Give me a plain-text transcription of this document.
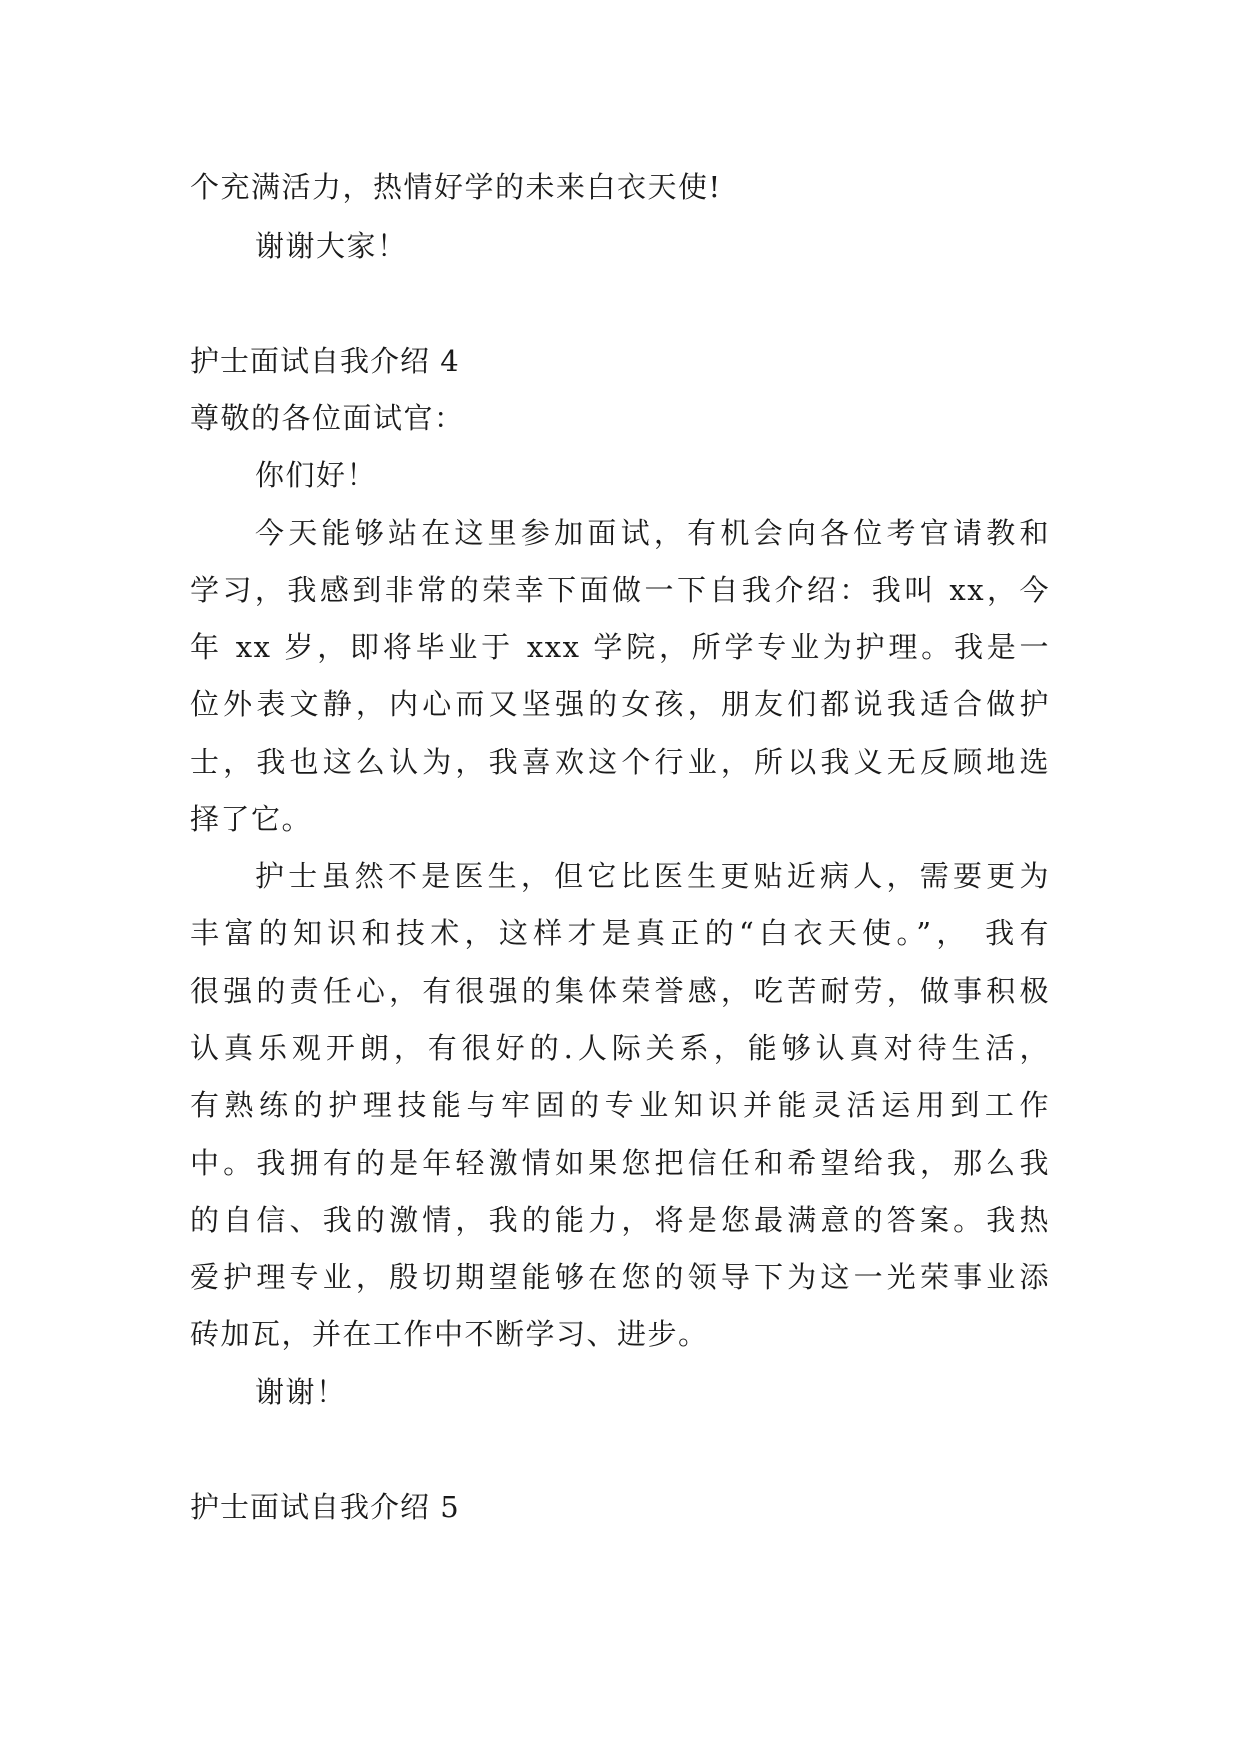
个充满活力，热情好学的未来白衣天使!
谢谢大家！
护士面试自我介绍 4
尊敬的各位面试官：
你们好！
今天能够站在这里参加面试，有机会向各位考官请教和
学习，我感到非常的荣幸下面做一下自我介绍：我叫 xx，今
年 xx 岁，即将毕业于 xxx 学院，所学专业为护理。我是一
位外表文静，内心而又坚强的女孩，朋友们都说我适合做护
士，我也这么认为，我喜欢这个行业，所以我义无反顾地选
择了它。
护士虽然不是医生，但它比医生更贴近病人，需要更为
丰富的知识和技术，这样才是真正的“白衣天使。”， 我有
很强的责任心，有很强的集体荣誉感，吃苦耐劳，做事积极
认真乐观开朗，有很好的.人际关系，能够认真对待生活，
有熟练的护理技能与牢固的专业知识并能灵活运用到工作
中。我拥有的是年轻激情如果您把信任和希望给我，那么我
的自信、我的激情，我的能力，将是您最满意的答案。我热
爱护理专业，殷切期望能够在您的领导下为这一光荣事业添
砖加瓦，并在工作中不断学习、进步。
谢谢！
护士面试自我介绍 5
